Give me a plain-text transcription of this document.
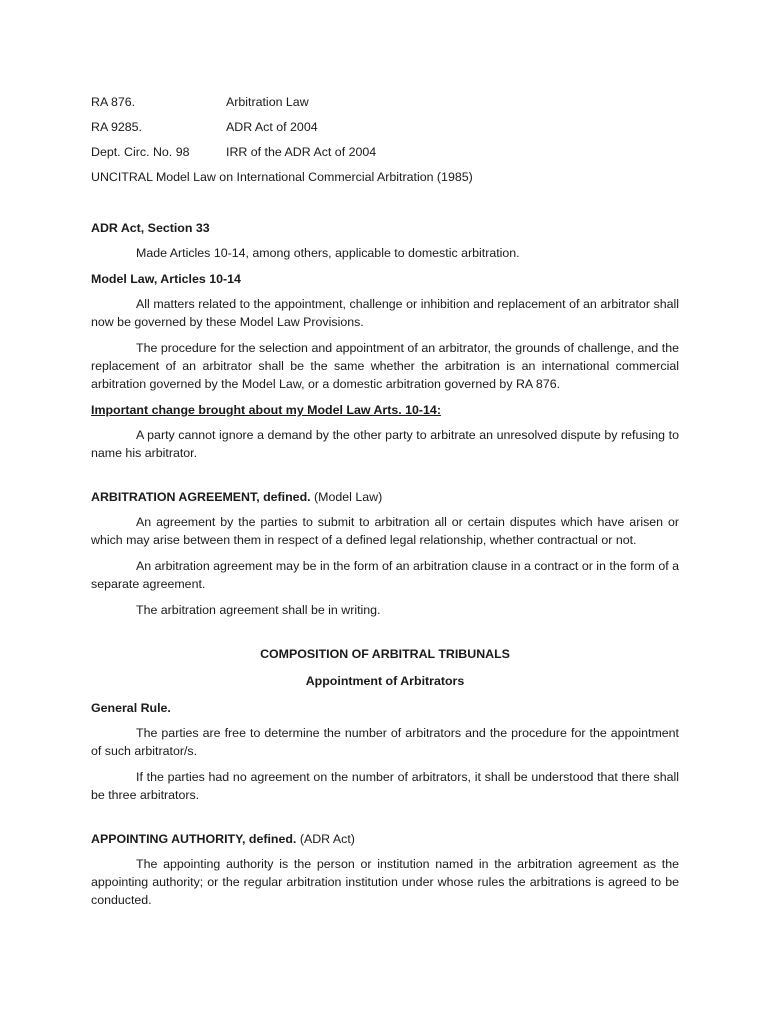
RA 876.	Arbitration Law
RA 9285.	ADR Act of 2004
Dept. Circ. No. 98	IRR of the ADR Act of 2004
UNCITRAL Model Law on International Commercial Arbitration (1985)
ADR Act, Section 33

Made Articles 10-14, among others, applicable to domestic arbitration.

Model Law, Articles 10-14

All matters related to the appointment, challenge or inhibition and replacement of an arbitrator shall now be governed by these Model Law Provisions.

The procedure for the selection and appointment of an arbitrator, the grounds of challenge, and the replacement of an arbitrator shall be the same whether the arbitration is an international commercial arbitration governed by the Model Law, or a domestic arbitration governed by RA 876.

Important change brought about my Model Law Arts. 10-14:

A party cannot ignore a demand by the other party to arbitrate an unresolved dispute by refusing to name his arbitrator.

ARBITRATION AGREEMENT, defined. (Model Law)

An agreement by the parties to submit to arbitration all or certain disputes which have arisen or which may arise between them in respect of a defined legal relationship, whether contractual or not.

An arbitration agreement may be in the form of an arbitration clause in a contract or in the form of a separate agreement.

The arbitration agreement shall be in writing.

COMPOSITION OF ARBITRAL TRIBUNALS
Appointment of Arbitrators
General Rule.

The parties are free to determine the number of arbitrators and the procedure for the appointment of such arbitrator/s.

If the parties had no agreement on the number of arbitrators, it shall be understood that there shall be three arbitrators.

APPOINTING AUTHORITY, defined. (ADR Act)

The appointing authority is the person or institution named in the arbitration agreement as the appointing authority; or the regular arbitration institution under whose rules the arbitrations is agreed to be conducted.
